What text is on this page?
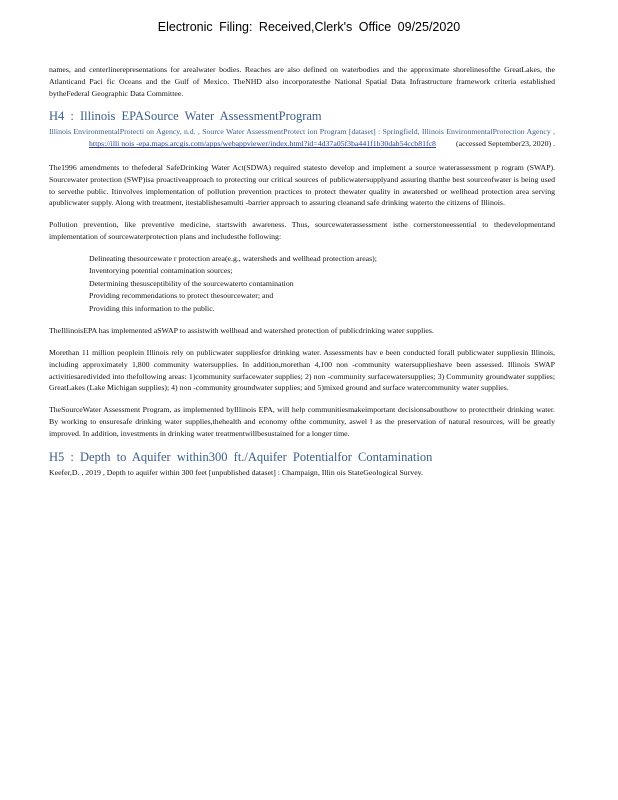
Electronic Filing: Received,Clerk's Office 09/25/2020

names, and centerlinerepresentations for arealwater bodies. Reaches are also defined on waterbodies and the approximate shorelinesofthe GreatLakes, the Atlanticand Paci fic Oceans and the Gulf of Mexico. TheNHD also incorporatesthe National Spatial Data Infrastructure framework criteria established bytheFederal Geographic Data Committee.

H4 : Illinois EPASource Water AssessmentProgram
Illinois EnvironmentalProtecti on Agency, n.d. , Source Water AssessmentProtect ion Program [dataset] : Springfield, Illinois EnvironmentalProtection Agency , https://illi nois -epa.maps.arcgis.com/apps/webappviewer/index.html?id=4d37a05f3ba441f1b30dab54ccb81fc8	(accessed September23, 2020) .

The1996 amendments to thefederal SafeDrinking Water Act(SDWA) required statesto develop and implement a source waterassessment p rogram (SWAP). Sourcewater protection (SWP)isa proactiveapproach to protecting our critical sources of publicwatersupplyand assuring thatthe best sourceofwater is being used to servethe public. Itinvolves implementation of pollution prevention practices to protect thewater quality in awatershed or wellhead protection area serving apublicwater supply. Along with treatment, itestablishesamulti -barrier approach to assuring cleanand safe drinking waterto the citizens of Illinois.

Pollution prevention, like preventive medicine, startswith awareness. Thus, sourcewaterassessment isthe cornerstoneessential to thedevelopmentand implementation of sourcewaterprotection plans and includesthe following:

Delineating thesourcewate r protection area(e.g., watersheds and wellhead protection areas);
Inventorying potential contamination sources;
Determining thesusceptibility of the sourcewaterto contamination
Providing recommendations to protect thesourcewater; and
Providing this information to the public.

TheIllinoisEPA has implemented aSWAP to assistwith wellhead and watershed protection of publicdrinking water supplies.

Morethan 11 million peoplein Illinois rely on publicwater suppliesfor drinking water. Assessments hav e been conducted forall publicwater suppliesin Illinois, including approximately 1,800 community watersupplies. In addition,morethan 4,100 non -community watersupplieshave been assessed. Illinois SWAP activitiesaredivided into thefollowing areas: 1)community surfacewater supplies; 2) non -community surfacewatersupplies; 3) Community groundwater supplies; GreatLakes (Lake Michigan supplies); 4) non -community groundwater supplies; and 5)mixed ground and surface watercommunity water supplies.

TheSourceWater Assessment Program, as implemented byIllinois EPA, will help communitiesmakeimportant decisionsabouthow to protecttheir drinking water. By working to ensuresafe drinking water supplies,thehealth and economy ofthe community, aswel l as the preservation of natural resources, will be greatly improved. In addition, investments in drinking water treatmentwillbesustained for a longer time.

H5 : Depth to Aquifer within300 ft./Aquifer Potentialfor Contamination
Keefer,D. , 2019 , Depth to aquifer within 300 feet [unpublished dataset] : Champaign, Illin ois StateGeological Survey.
